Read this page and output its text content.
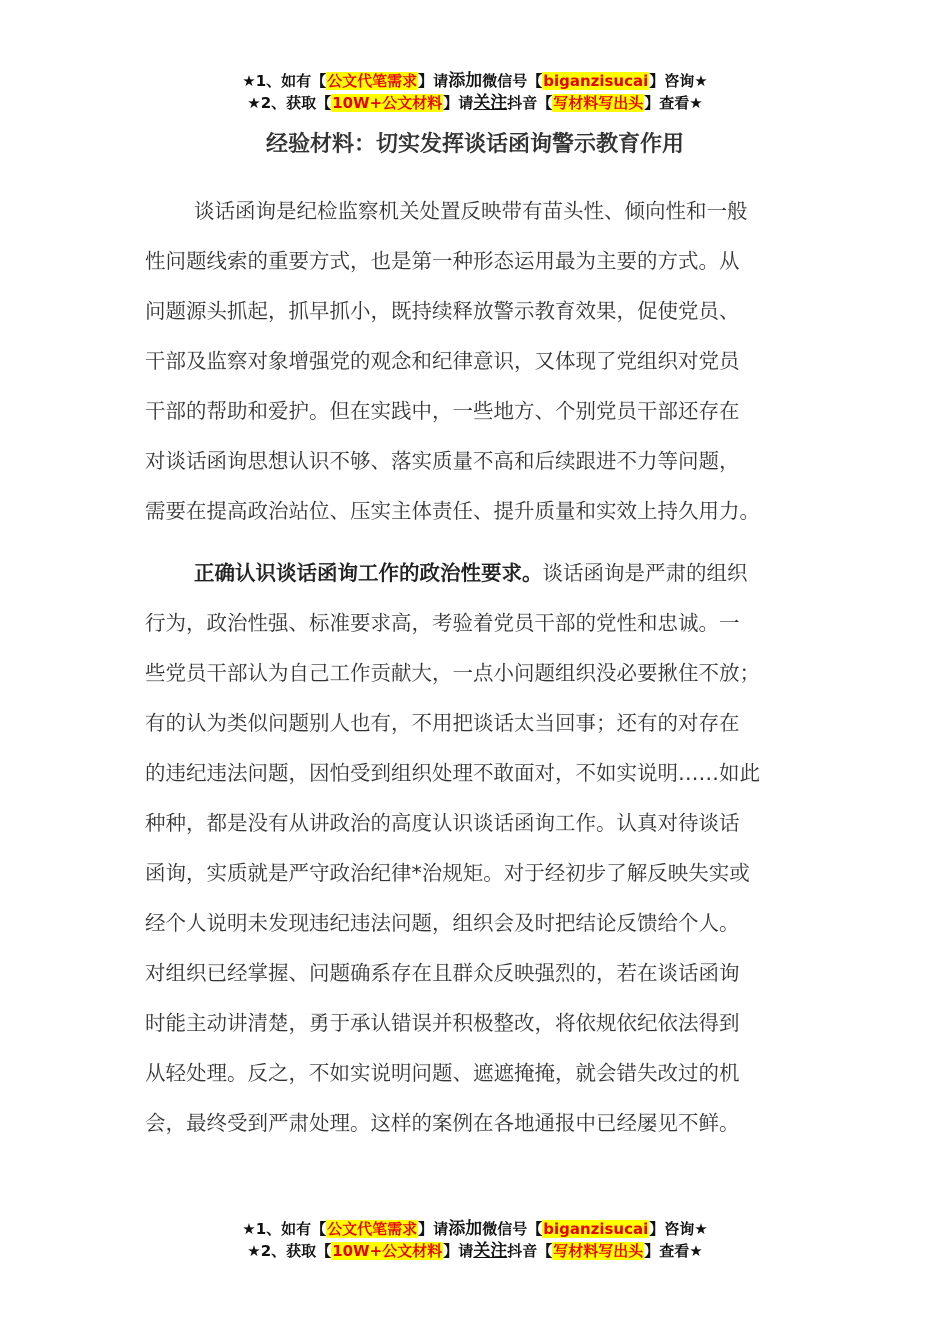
★1、如有【公文代笔需求】请添加微信号【biganzisucai】咨询★
★2、获取【10W+公文材料】请关注抖音【写材料写出头】查看★
经验材料：切实发挥谈话函询警示教育作用
谈话函询是纪检监察机关处置反映带有苗头性、倾向性和一般
性问题线索的重要方式，也是第一种形态运用最为主要的方式。从
问题源头抓起，抓早抓小，既持续释放警示教育效果，促使党员、
干部及监察对象增强党的观念和纪律意识，又体现了党组织对党员
干部的帮助和爱护。但在实践中，一些地方、个别党员干部还存在
对谈话函询思想认识不够、落实质量不高和后续跟进不力等问题，
需要在提高政治站位、压实主体责任、提升质量和实效上持久用力。
正确认识谈话函询工作的政治性要求。谈话函询是严肃的组织
行为，政治性强、标准要求高，考验着党员干部的党性和忠诚。一
些党员干部认为自己工作贡献大，一点小问题组织没必要揪住不放；
有的认为类似问题别人也有，不用把谈话太当回事；还有的对存在
的违纪违法问题，因怕受到组织处理不敢面对，不如实说明……如此
种种，都是没有从讲政治的高度认识谈话函询工作。认真对待谈话
函询，实质就是严守政治纪律*治规矩。对于经初步了解反映失实或
经个人说明未发现违纪违法问题，组织会及时把结论反馈给个人。
对组织已经掌握、问题确系存在且群众反映强烈的，若在谈话函询
时能主动讲清楚，勇于承认错误并积极整改，将依规依纪依法得到
从轻处理。反之，不如实说明问题、遮遮掩掩，就会错失改过的机
会，最终受到严肃处理。这样的案例在各地通报中已经屡见不鲜。
★1、如有【公文代笔需求】请添加微信号【biganzisucai】咨询★
★2、获取【10W+公文材料】请关注抖音【写材料写出头】查看★
